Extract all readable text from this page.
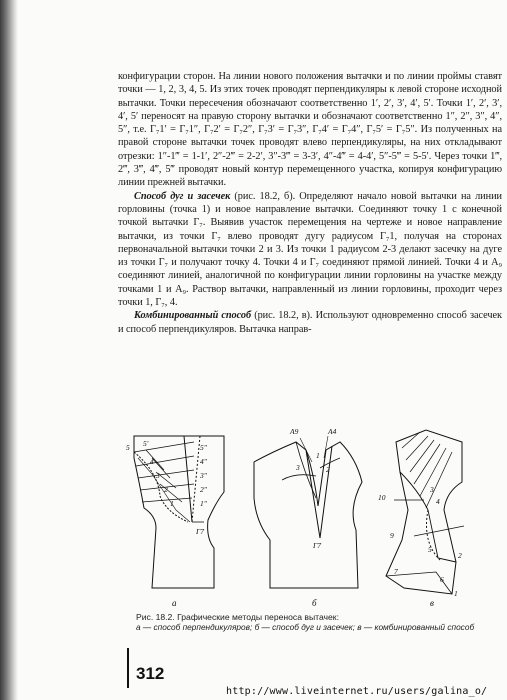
конфигурации сторон. На линии нового положения вытачки и по линии проймы ставят точки — 1, 2, 3, 4, 5. Из этих точек проводят перпендикуляры к левой стороне исходной вытачки. Точки пересечения обозначают соответственно 1′, 2′, 3′, 4′, 5′. Точки 1′, 2′, 3′, 4′, 5′ переносят на правую сторону вытачки и обозначают соответственно 1″, 2″, 3″, 4″, 5″, т.е. Г₇1′ = Г₇1″, Г₇2′ = Г₇2″, Г₇3′ = Г₇3″, Г₇4′ = Г₇4″, Г₇5′ = Г₇5″. Из полученных на правой стороне вытачки точек проводят влево перпендикуляры, на них откладывают отрезки: 1″-1‴ = 1-1′, 2″-2‴ = 2-2′, 3″-3‴ = 3-3′, 4″-4‴ = 4-4′, 5″-5‴ = 5-5′. Через точки 1‴, 2‴, 3‴, 4‴, 5‴ проводят новый контур перемещенного участка, копируя конфигурацию линии прежней вытачки.

Способ дуг и засечек (рис. 18.2, б). Определяют начало новой вытачки на линии горловины (точка 1) и новое направление вытачки. Соединяют точку 1 с конечной точкой вытачки Г₇. Выявив участок перемещения на чертеже и новое направление вытачки, из точки Г₇ влево проводят дугу радиусом Г₇1, получая на сторонах первоначальной вытачки точки 2 и 3. Из точки 1 радиусом 2-3 делают засечку на дуге из точки Г₇ и получают точку 4. Точки 4 и Г₇ соединяют прямой линией. Точки 4 и А₉ соединяют линией, аналогичной по конфигурации линии горловины на участке между точками 1 и А₉. Раствор вытачки, направленный из линии горловины, проходит через точки 1, Г₇, 4.

Комбинированный способ (рис. 18.2, в). Используют одновременно способ засечек и способ перпендикуляров. Вытачка направ-

5 5'
4
3
2
1
5"
4"
3"
2"
1"
Г7
А9	А4
1
3	2
Г7
10
3
4
9
5
2
7
6
1
а	б	в
Рис. 18.2. Графические методы переноса вытачек:
а — способ перпендикуляров; б — способ дуг и засечек; в — комбинированный способ
312
http://www.liveinternet.ru/users/galina_o/
